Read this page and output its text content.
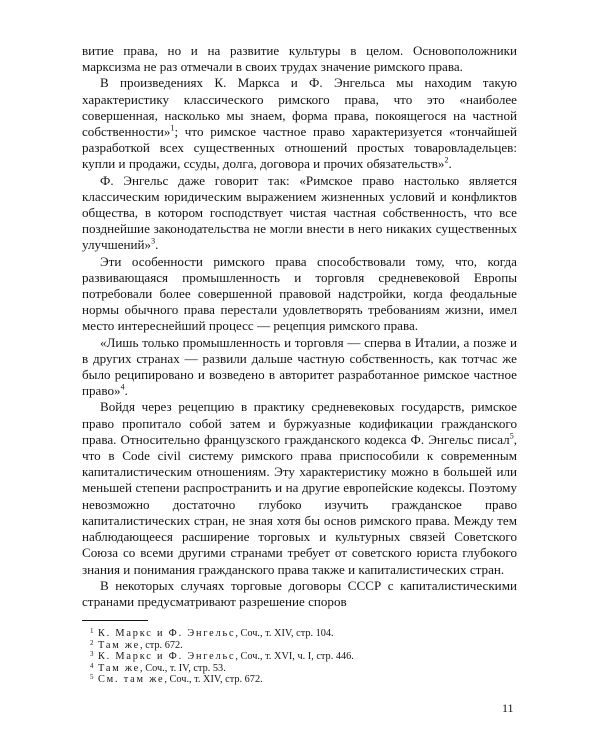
витие права, но и на развитие культуры в целом. Основоположники марксизма не раз отмечали в своих трудах значение римского права.

В произведениях К. Маркса и Ф. Энгельса мы находим такую характеристику классического римского права, что это «наиболее совершенная, насколько мы знаем, форма права, покоящегося на частной собственности»$^1$; что римское частное право характеризуется «тончайшей разработкой всех существенных отношений простых товаровладельцев: купли и продажи, ссуды, долга, договора и прочих обязательств»$^2$.

Ф. Энгельс даже говорит так: «Римское право настолько является классическим юридическим выражением жизненных условий и конфликтов общества, в котором господствует чистая частная собственность, что все позднейшие законодательства не могли внести в него никаких существенных улучшений»$^3$.

Эти особенности римского права способствовали тому, что, когда развивающаяся промышленность и торговля средневековой Европы потребовали более совершенной правовой надстройки, когда феодальные нормы обычного права перестали удовлетворять требованиям жизни, имел место интереснейший процесс — рецепция римского права.

«Лишь только промышленность и торговля — сперва в Италии, а позже и в других странах — развили дальше частную собственность, как тотчас же было реципировано и возведено в авторитет разработанное римское частное право»$^4$.

Войдя через рецепцию в практику средневековых государств, римское право пропитало собой затем и буржуазные кодификации гражданского права. Относительно французского гражданского кодекса Ф. Энгельс писал$^5$, что в Code civil систему римского права приспособили к современным капиталистическим отношениям. Эту характеристику можно в большей или меньшей степени распространить и на другие европейские кодексы. Поэтому невозможно достаточно глубоко изучить гражданское право капиталистических стран, не зная хотя бы основ римского права. Между тем наблюдающееся расширение торговых и культурных связей Советского Союза со всеми другими странами требует от советского юриста глубокого знания и понимания гражданского права также и капиталистических стран.

В некоторых случаях торговые договоры СССР с капиталистическими странами предусматривают разрешение споров

1 К. Маркс и Ф. Энгельс, Соч., т. XIV, стр. 104.
2 Там же, стр. 672.
3 К. Маркс и Ф. Энгельс, Соч., т. XVI, ч. I, стр. 446.
4 Там же, Соч., т. IV, стр. 53.
5 См. там же, Соч., т. XIV, стр. 672.
11
